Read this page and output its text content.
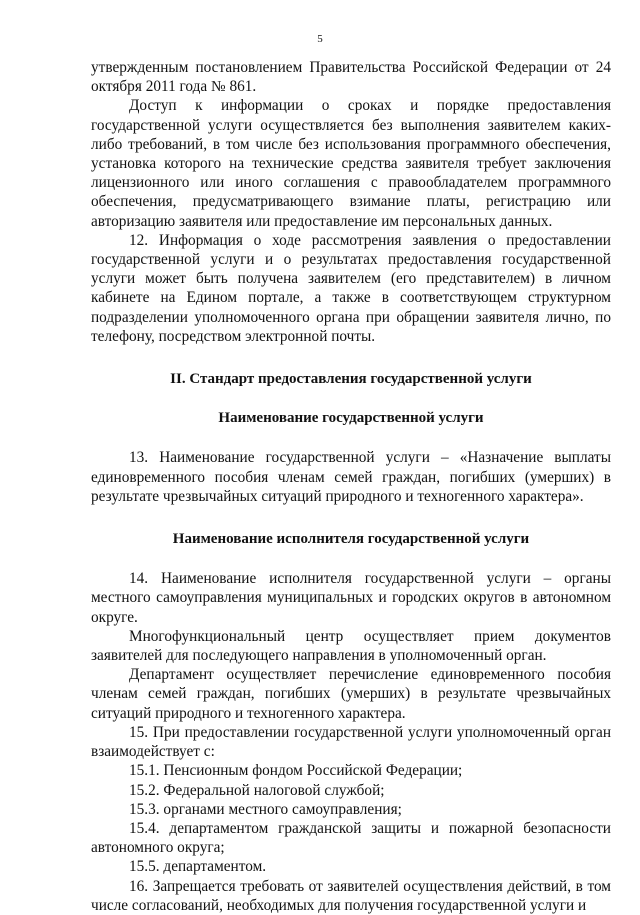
5

утвержденным постановлением Правительства Российской Федерации от 24 октября 2011 года № 861.

Доступ к информации о сроках и порядке предоставления государственной услуги осуществляется без выполнения заявителем каких-либо требований, в том числе без использования программного обеспечения, установка которого на технические средства заявителя требует заключения лицензионного или иного соглашения с правообладателем программного обеспечения, предусматривающего взимание платы, регистрацию или авторизацию заявителя или предоставление им персональных данных.

12. Информация о ходе рассмотрения заявления о предоставлении государственной услуги и о результатах предоставления государственной услуги может быть получена заявителем (его представителем) в личном кабинете на Едином портале, а также в соответствующем структурном подразделении уполномоченного органа при обращении заявителя лично, по телефону, посредством электронной почты.

II. Стандарт предоставления государственной услуги

Наименование государственной услуги

13. Наименование государственной услуги – «Назначение выплаты единовременного пособия членам семей граждан, погибших (умерших) в результате чрезвычайных ситуаций природного и техногенного характера».

Наименование исполнителя государственной услуги

14. Наименование исполнителя государственной услуги – органы местного самоуправления муниципальных и городских округов в автономном округе.

Многофункциональный центр осуществляет прием документов заявителей для последующего направления в уполномоченный орган.

Департамент осуществляет перечисление единовременного пособия членам семей граждан, погибших (умерших) в результате чрезвычайных ситуаций природного и техногенного характера.

15. При предоставлении государственной услуги уполномоченный орган взаимодействует с:

15.1. Пенсионным фондом Российской Федерации;

15.2. Федеральной налоговой службой;

15.3. органами местного самоуправления;

15.4. департаментом гражданской защиты и пожарной безопасности автономного округа;

15.5. департаментом.

16. Запрещается требовать от заявителей осуществления действий, в том числе согласований, необходимых для получения государственной услуги и
